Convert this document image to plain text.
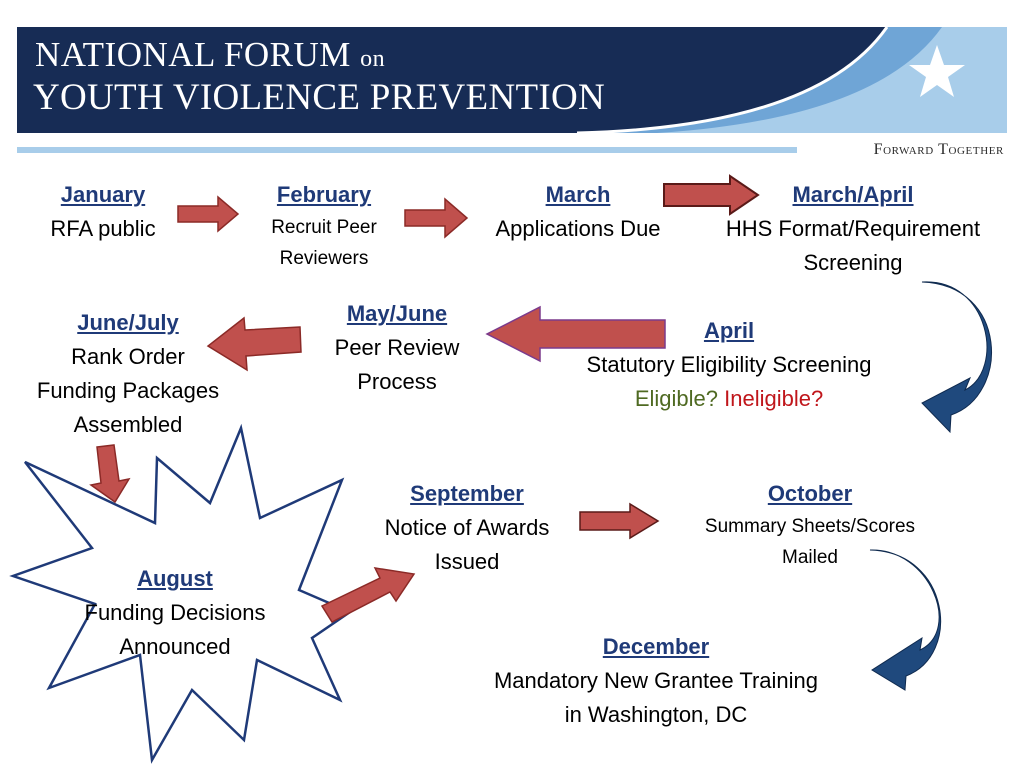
NATIONAL FORUM on
YOUTH VIOLENCE PREVENTION
Forward Together
January
RFA public
February
Recruit Peer
Reviewers
March
Applications Due
March/April
HHS Format/Requirement
Screening
April
Statutory Eligibility Screening
Eligible? Ineligible?
May/June
Peer Review
Process
June/July
Rank Order
Funding Packages
Assembled
August
Funding Decisions
Announced
September
Notice of Awards
Issued
October
Summary Sheets/Scores
Mailed
December
Mandatory New Grantee Training
in Washington, DC
